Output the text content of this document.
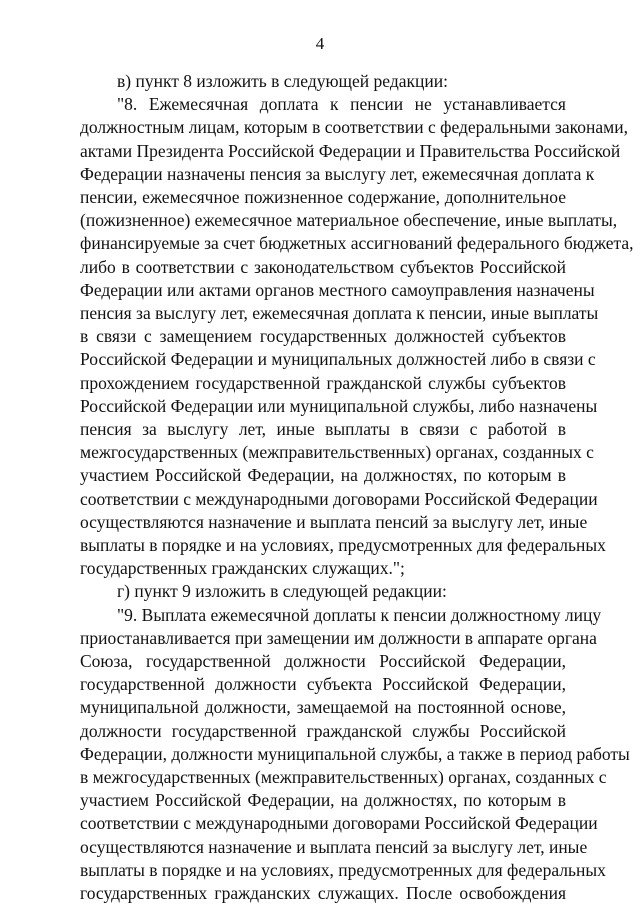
4
в) пункт 8 изложить в следующей редакции:
"8. Ежемесячная доплата к пенсии не устанавливается
должностным лицам, которым в соответствии с федеральными законами,
актами Президента Российской Федерации и Правительства Российской
Федерации назначены пенсия за выслугу лет, ежемесячная доплата к
пенсии, ежемесячное пожизненное содержание, дополнительное
(пожизненное) ежемесячное материальное обеспечение, иные выплаты,
финансируемые за счет бюджетных ассигнований федерального бюджета,
либо в соответствии с законодательством субъектов Российской
Федерации или актами органов местного самоуправления назначены
пенсия за выслугу лет, ежемесячная доплата к пенсии, иные выплаты
в связи с замещением государственных должностей субъектов
Российской Федерации и муниципальных должностей либо в связи с
прохождением государственной гражданской службы субъектов
Российской Федерации или муниципальной службы, либо назначены
пенсия за выслугу лет, иные выплаты в связи с работой в
межгосударственных (межправительственных) органах, созданных с
участием Российской Федерации, на должностях, по которым в
соответствии с международными договорами Российской Федерации
осуществляются назначение и выплата пенсий за выслугу лет, иные
выплаты в порядке и на условиях, предусмотренных для федеральных
государственных гражданских служащих.";
г) пункт 9 изложить в следующей редакции:
"9. Выплата ежемесячной доплаты к пенсии должностному лицу
приостанавливается при замещении им должности в аппарате органа
Союза, государственной должности Российской Федерации,
государственной должности субъекта Российской Федерации,
муниципальной должности, замещаемой на постоянной основе,
должности государственной гражданской службы Российской
Федерации, должности муниципальной службы, а также в период работы
в межгосударственных (межправительственных) органах, созданных с
участием Российской Федерации, на должностях, по которым в
соответствии с международными договорами Российской Федерации
осуществляются назначение и выплата пенсий за выслугу лет, иные
выплаты в порядке и на условиях, предусмотренных для федеральных
государственных гражданских служащих. После освобождения
